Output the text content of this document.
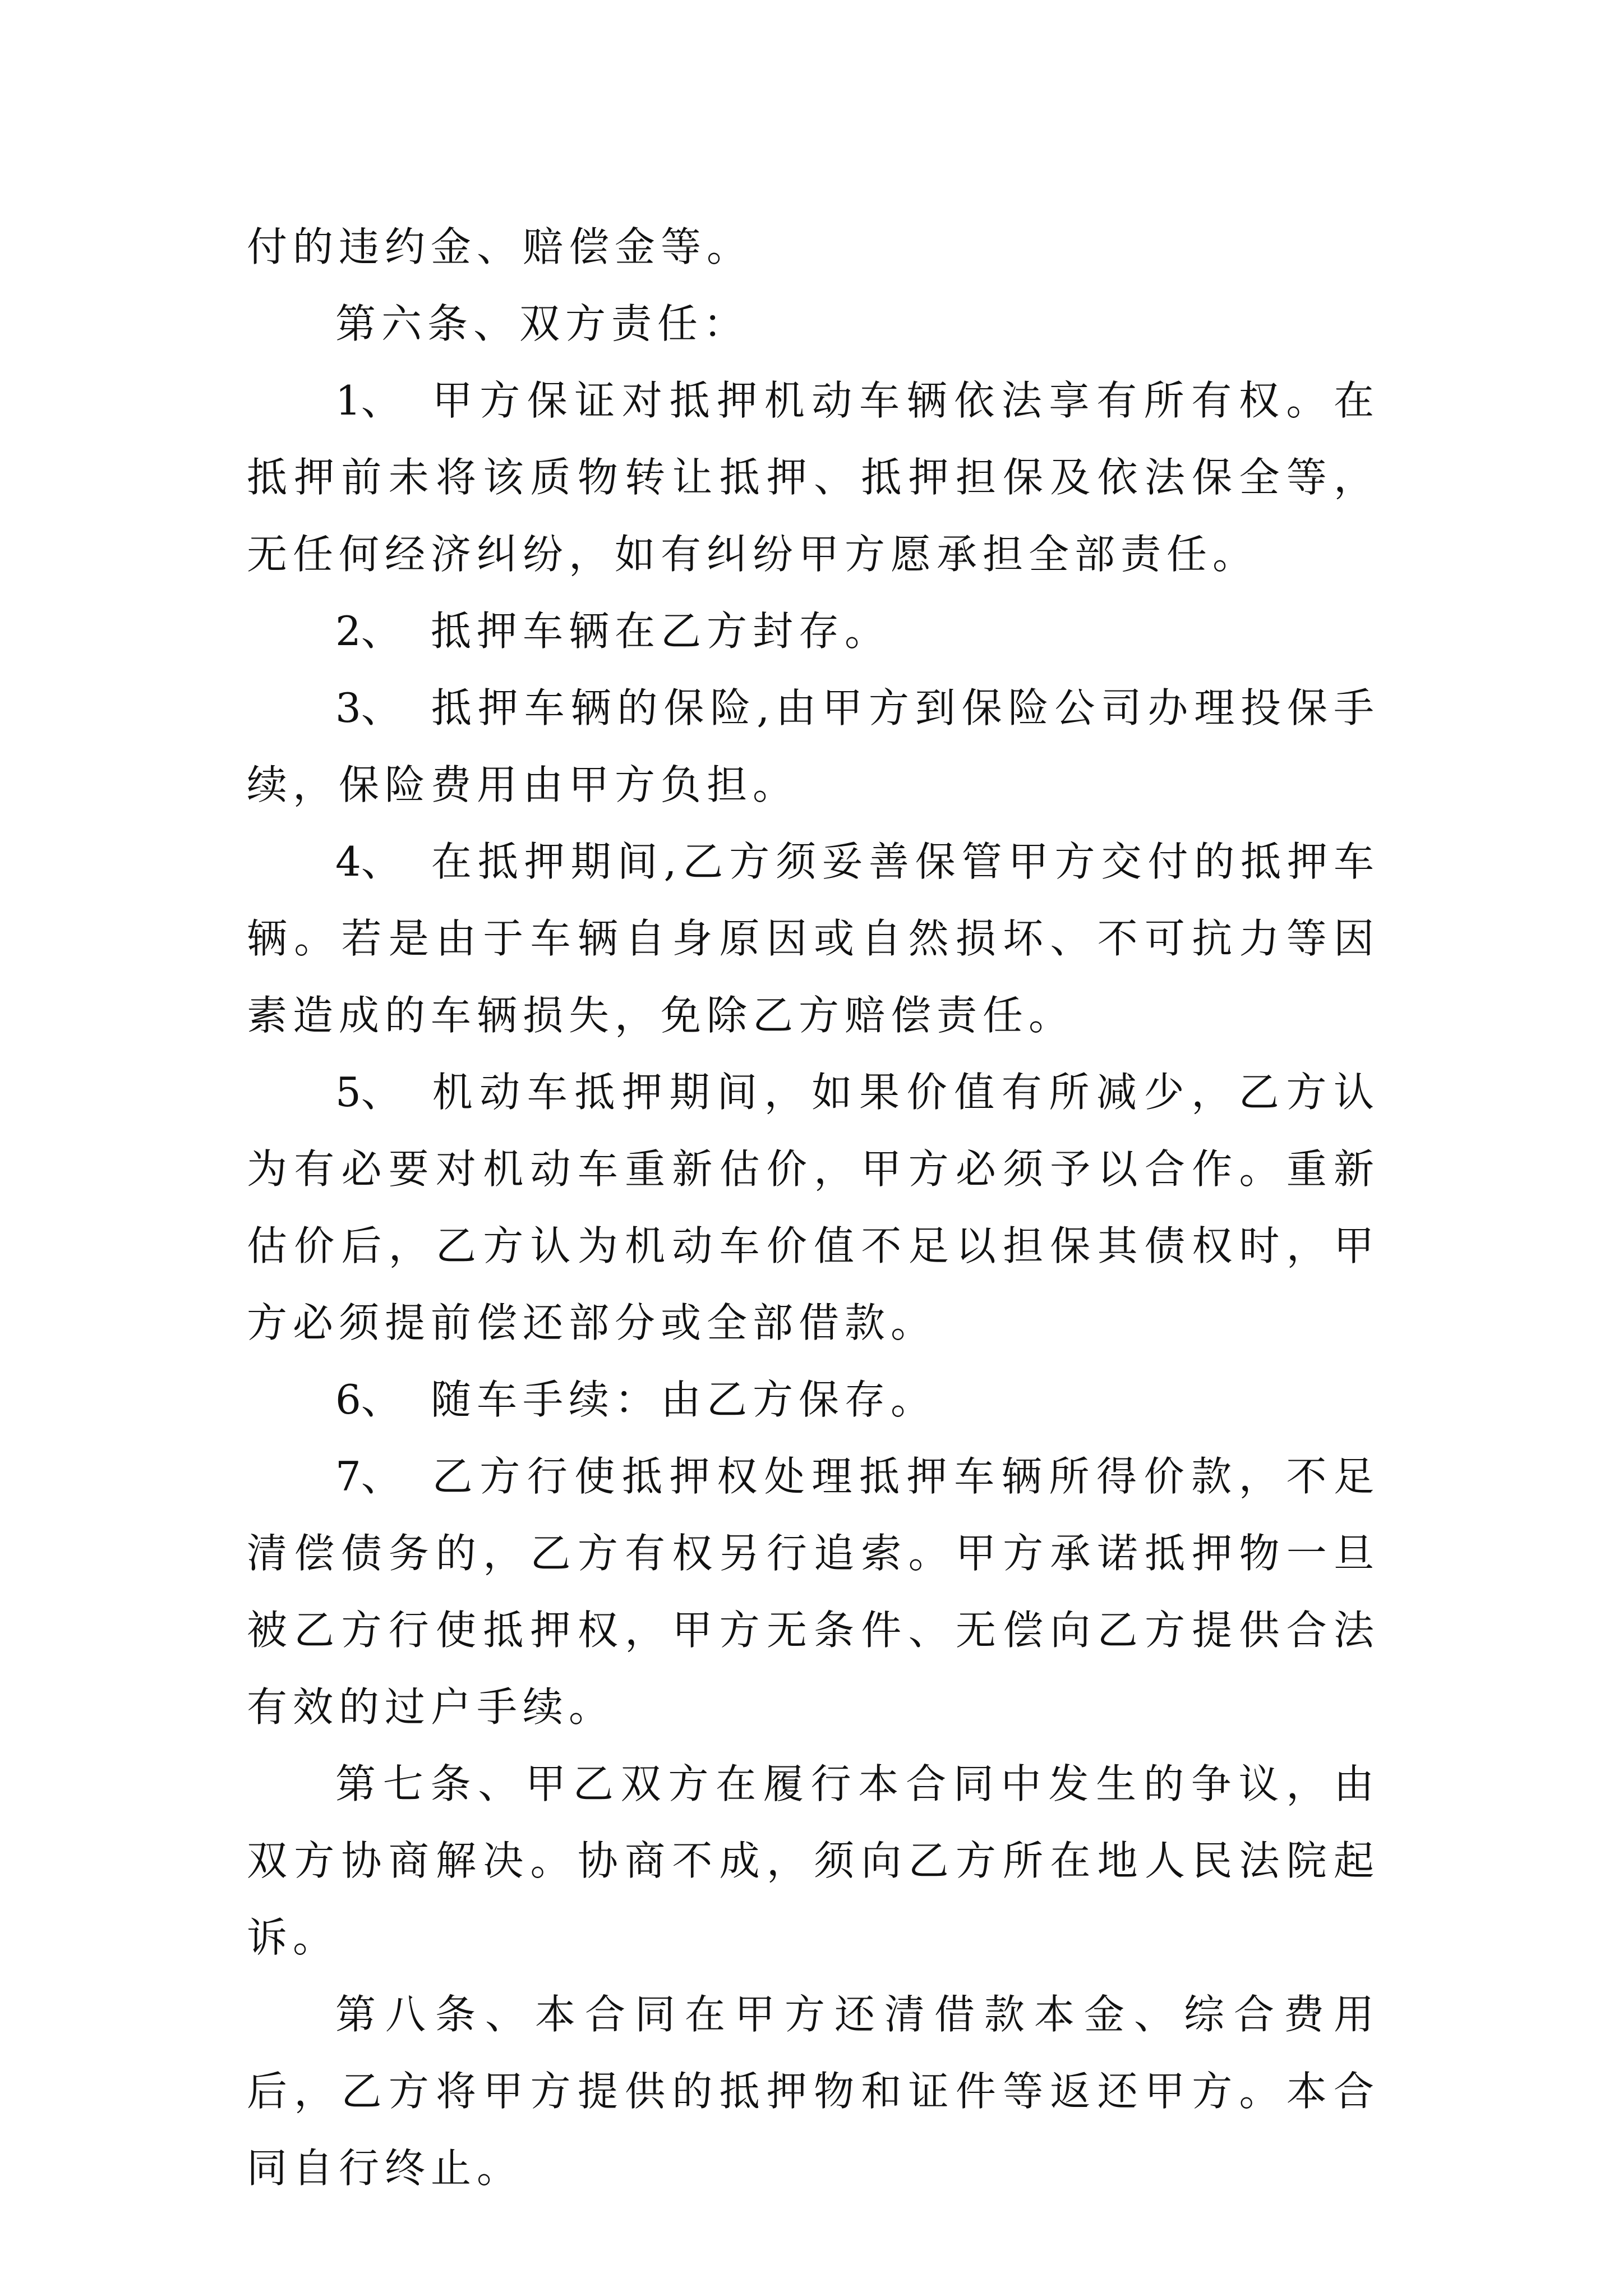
付的违约金、赔偿金等。

第六条、双方责任：

1、 甲方保证对抵押机动车辆依法享有所有权。在抵押前未将该质物转让抵押、抵押担保及依法保全等，无任何经济纠纷，如有纠纷甲方愿承担全部责任。

2、 抵押车辆在乙方封存。

3、 抵押车辆的保险,由甲方到保险公司办理投保手续，保险费用由甲方负担。

4、 在抵押期间,乙方须妥善保管甲方交付的抵押车辆。若是由于车辆自身原因或自然损坏、不可抗力等因素造成的车辆损失，免除乙方赔偿责任。

5、 机动车抵押期间，如果价值有所减少，乙方认为有必要对机动车重新估价，甲方必须予以合作。重新估价后，乙方认为机动车价值不足以担保其债权时，甲方必须提前偿还部分或全部借款。

6、 随车手续：由乙方保存。

7、 乙方行使抵押权处理抵押车辆所得价款，不足清偿债务的，乙方有权另行追索。甲方承诺抵押物一旦被乙方行使抵押权，甲方无条件、无偿向乙方提供合法有效的过户手续。

第七条、甲乙双方在履行本合同中发生的争议，由双方协商解决。协商不成，须向乙方所在地人民法院起诉。

第八条、本合同在甲方还清借款本金、综合费用后，乙方将甲方提供的抵押物和证件等返还甲方。本合同自行终止。
